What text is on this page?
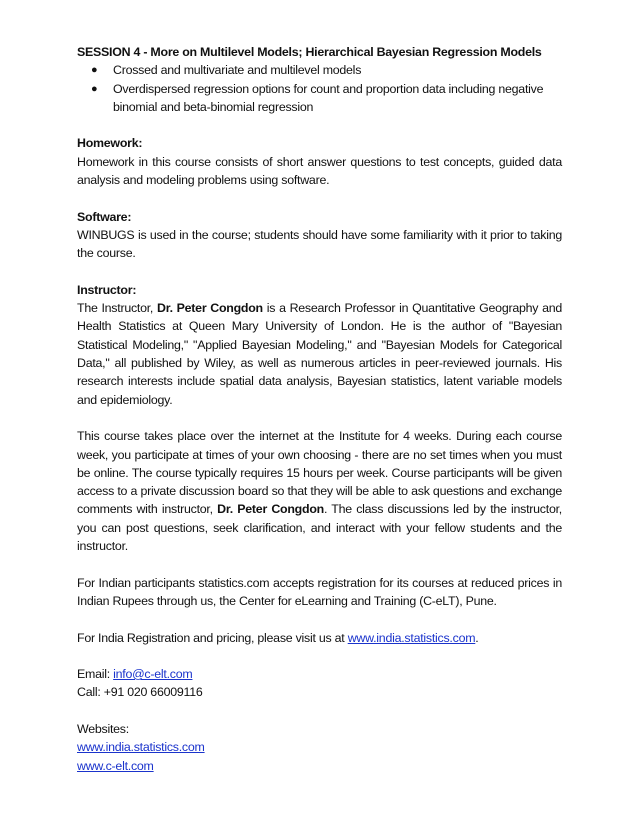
SESSION 4 - More on Multilevel Models; Hierarchical Bayesian Regression Models
● Crossed and multivariate and multilevel models
● Overdispersed regression options for count and proportion data including negative binomial and beta-binomial regression
Homework:
Homework in this course consists of short answer questions to test concepts, guided data analysis and modeling problems using software.
Software:
WINBUGS is used in the course; students should have some familiarity with it prior to taking the course.
Instructor:
The Instructor, Dr. Peter Congdon is a Research Professor in Quantitative Geography and Health Statistics at Queen Mary University of London. He is the author of "Bayesian Statistical Modeling," "Applied Bayesian Modeling," and "Bayesian Models for Categorical Data," all published by Wiley, as well as numerous articles in peer-reviewed journals. His research interests include spatial data analysis, Bayesian statistics, latent variable models and epidemiology.
This course takes place over the internet at the Institute for 4 weeks. During each course week, you participate at times of your own choosing - there are no set times when you must be online. The course typically requires 15 hours per week. Course participants will be given access to a private discussion board so that they will be able to ask questions and exchange comments with instructor, Dr. Peter Congdon. The class discussions led by the instructor, you can post questions, seek clarification, and interact with your fellow students and the instructor.
For Indian participants statistics.com accepts registration for its courses at reduced prices in Indian Rupees through us, the Center for eLearning and Training (C-eLT), Pune.
For India Registration and pricing, please visit us at www.india.statistics.com.
Email: info@c-elt.com
Call: +91 020 66009116
Websites:
www.india.statistics.com
www.c-elt.com
